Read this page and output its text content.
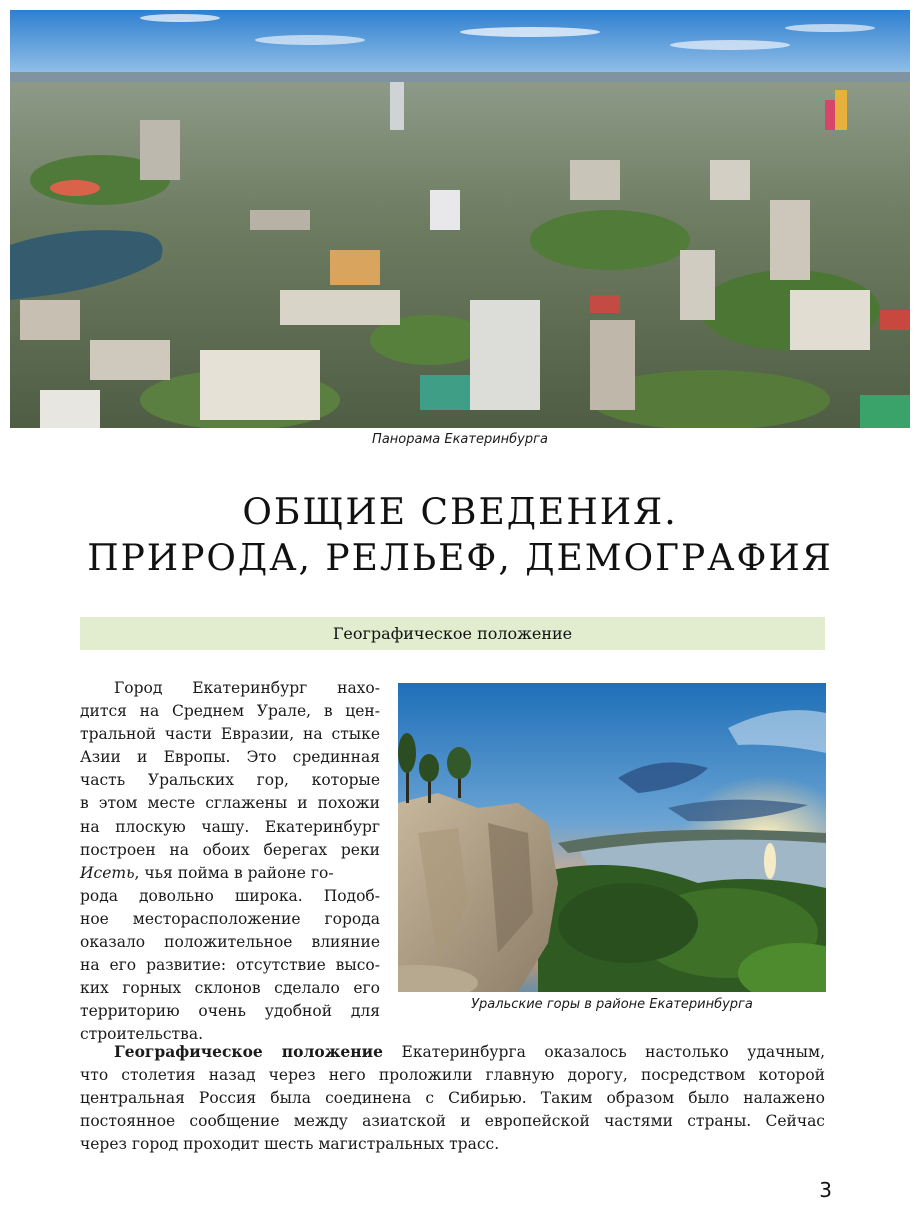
Панорама Екатеринбурга
ОБЩИЕ СВЕДЕНИЯ.
ПРИРОДА, РЕЛЬЕФ, ДЕМОГРАФИЯ
Географическое положение
Город Екатеринбург нахо-
дится на Среднем Урале, в цен-
тральной части Евразии, на стыке
Азии и Европы. Это срединная
часть Уральских гор, которые
в этом месте сглажены и похожи
на плоскую чашу. Екатеринбург
построен на обоих берегах реки
Исеть, чья пойма в районе го-
рода довольно широка. Подоб-
ное месторасположение города
оказало положительное влияние
на его развитие: отсутствие высо-
ких горных склонов сделало его
территорию очень удобной для
строительства.
Уральские горы в районе Екатеринбурга
Географическое положение Екатеринбурга оказалось настолько удачным,
что столетия назад через него проложили главную дорогу, посредством которой
центральная Россия была соединена с Сибирью. Таким образом было налажено
постоянное сообщение между азиатской и европейской частями страны. Сейчас
через город проходит шесть магистральных трасс.
3
